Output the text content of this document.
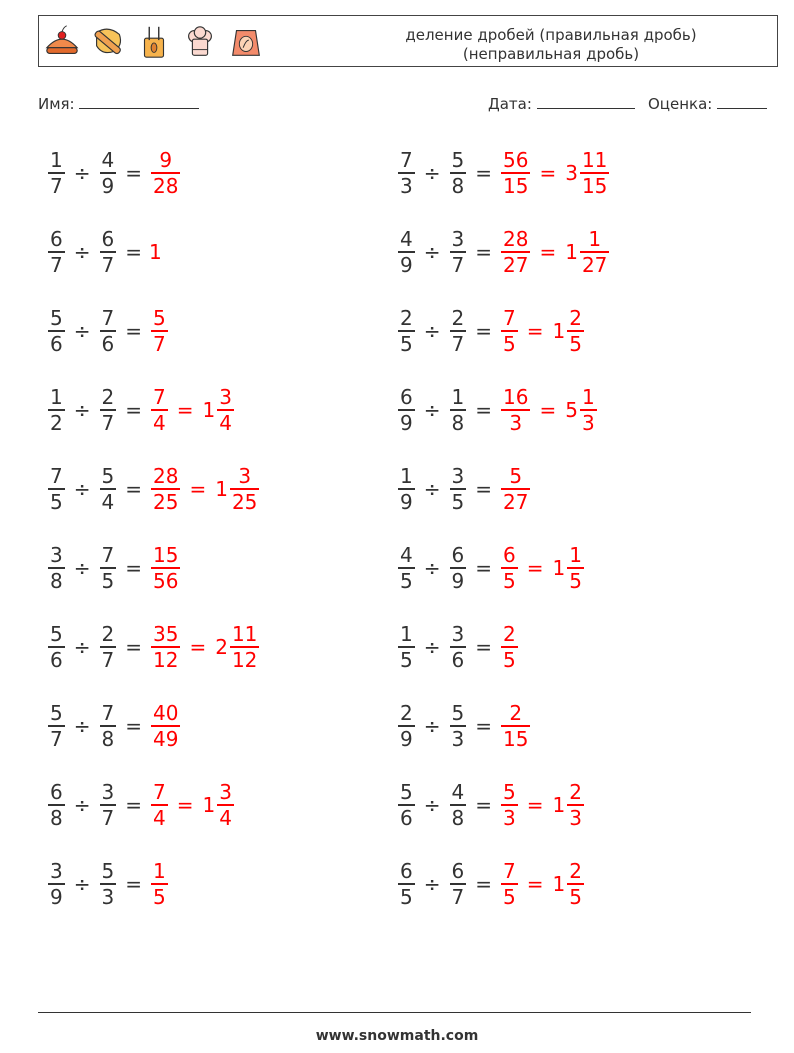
деление дробей (правильная дробь)
(неправильная дробь)
Имя:	Дата:	Оценка:
$\frac{1}{7} \div \frac{4}{9} = \frac{9}{28}$
$\frac{6}{7} \div \frac{6}{7} = 1$
$\frac{5}{6} \div \frac{7}{6} = \frac{5}{7}$
$\frac{1}{2} \div \frac{2}{7} = \frac{7}{4} = 1 \frac{3}{4}$
$\frac{7}{5} \div \frac{5}{4} = \frac{28}{25} = 1 \frac{3}{25}$
$\frac{3}{8} \div \frac{7}{5} = \frac{15}{56}$
$\frac{5}{6} \div \frac{2}{7} = \frac{35}{12} = 2 \frac{11}{12}$
$\frac{5}{7} \div \frac{7}{8} = \frac{40}{49}$
$\frac{6}{8} \div \frac{3}{7} = \frac{7}{4} = 1 \frac{3}{4}$
$\frac{3}{9} \div \frac{5}{3} = \frac{1}{5}$
$\frac{7}{3} \div \frac{5}{8} = \frac{56}{15} = 3 \frac{11}{15}$
$\frac{4}{9} \div \frac{3}{7} = \frac{28}{27} = 1 \frac{1}{27}$
$\frac{2}{5} \div \frac{2}{7} = \frac{7}{5} = 1 \frac{2}{5}$
$\frac{6}{9} \div \frac{1}{8} = \frac{16}{3} = 5 \frac{1}{3}$
$\frac{1}{9} \div \frac{3}{5} = \frac{5}{27}$
$\frac{4}{5} \div \frac{6}{9} = \frac{6}{5} = 1 \frac{1}{5}$
$\frac{1}{5} \div \frac{3}{6} = \frac{2}{5}$
$\frac{2}{9} \div \frac{5}{3} = \frac{2}{15}$
$\frac{5}{6} \div \frac{4}{8} = \frac{5}{3} = 1 \frac{2}{3}$
$\frac{6}{5} \div \frac{6}{7} = \frac{7}{5} = 1 \frac{2}{5}$
www.snowmath.com
